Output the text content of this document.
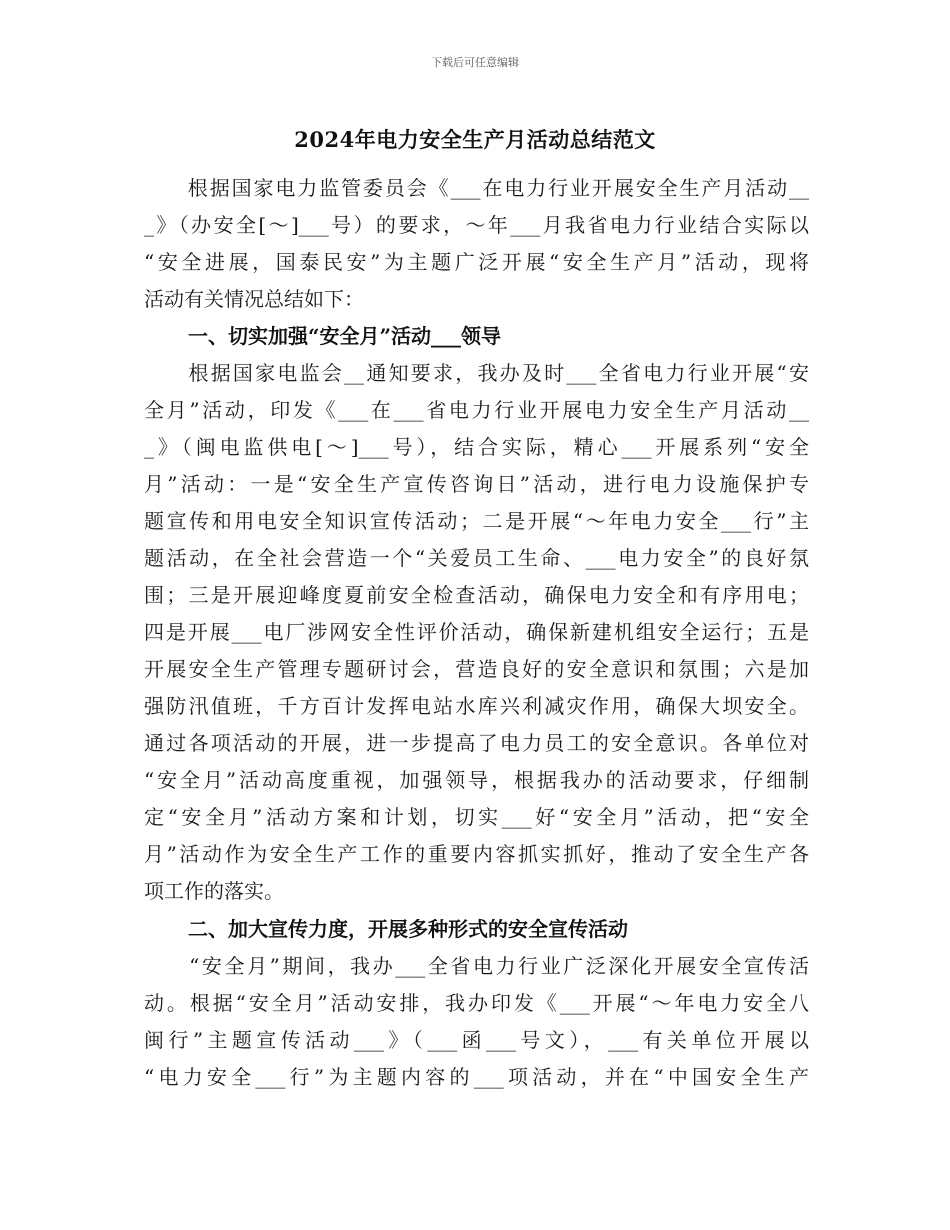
下载后可任意编辑
2024年电力安全生产月活动总结范文
　　根据国家电力监管委员会《___在电力行业开展安全生产月活动__
_》（办安全[～]___号）的要求，～年___月我省电力行业结合实际以
“安全进展，国泰民安”为主题广泛开展“安全生产月”活动，现将
活动有关情况总结如下：
一、切实加强“安全月”活动___领导
　　根据国家电监会__通知要求，我办及时___全省电力行业开展“安
全月”活动，印发《___在___省电力行业开展电力安全生产月活动__
_》（闽电监供电[～]___号），结合实际，精心___开展系列“安全
月”活动：一是“安全生产宣传咨询日”活动，进行电力设施保护专
题宣传和用电安全知识宣传活动；二是开展“～年电力安全___行”主
题活动，在全社会营造一个“关爱员工生命、___电力安全”的良好氛
围；三是开展迎峰度夏前安全检查活动，确保电力安全和有序用电；
四是开展___电厂涉网安全性评价活动，确保新建机组安全运行；五是
开展安全生产管理专题研讨会，营造良好的安全意识和氛围；六是加
强防汛值班，千方百计发挥电站水库兴利减灾作用，确保大坝安全。
通过各项活动的开展，进一步提高了电力员工的安全意识。各单位对
“安全月”活动高度重视，加强领导，根据我办的活动要求，仔细制
定“安全月”活动方案和计划，切实___好“安全月”活动，把“安全
月”活动作为安全生产工作的重要内容抓实抓好，推动了安全生产各
项工作的落实。
二、加大宣传力度，开展多种形式的安全宣传活动
　　“安全月”期间，我办___全省电力行业广泛深化开展安全宣传活
动。根据“安全月”活动安排，我办印发《___开展“～年电力安全八
闽行”主题宣传活动___》（___函___号文），___有关单位开展以
“电力安全___行”为主题内容的___项活动，并在“中国安全生产
